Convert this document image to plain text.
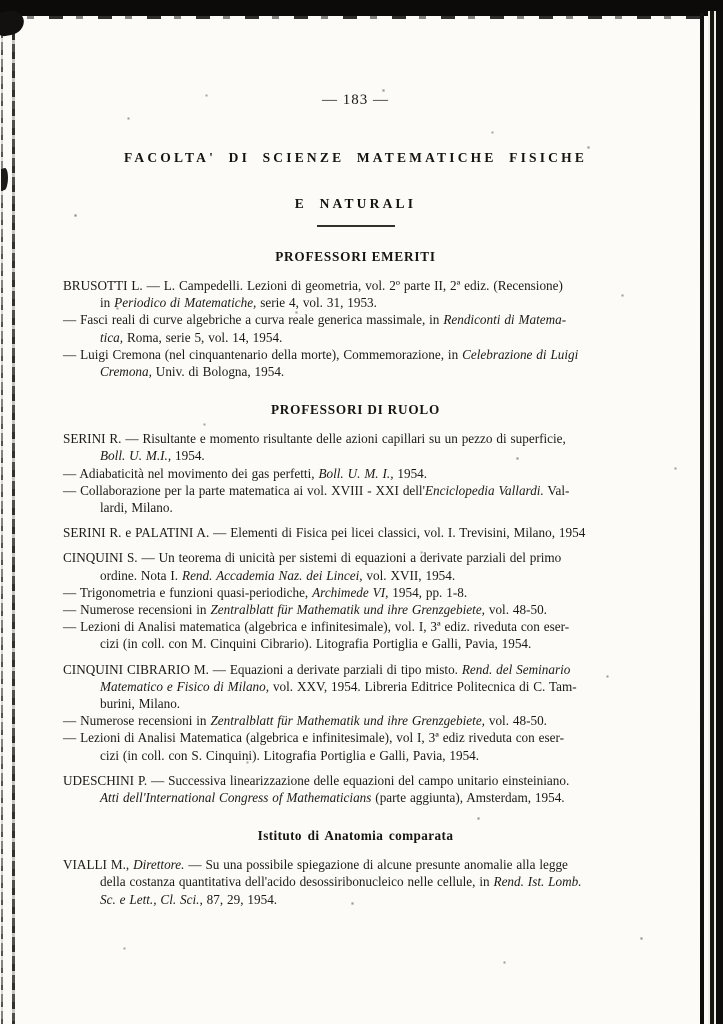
— 183 —
FACOLTA' DI SCIENZE MATEMATICHE FISICHE
E NATURALI
PROFESSORI EMERITI
BRUSOTTI L. — L. Campedelli. Lezioni di geometria, vol. 2º parte II, 2ª ediz. (Recensione)
in Periodico di Matematiche, serie 4, vol. 31, 1953.
— Fasci reali di curve algebriche a curva reale generica massimale, in Rendiconti di Matema-
tica, Roma, serie 5, vol. 14, 1954.
— Luigi Cremona (nel cinquantenario della morte), Commemorazione, in Celebrazione di Luigi
Cremona, Univ. di Bologna, 1954.
PROFESSORI DI RUOLO
SERINI R. — Risultante e momento risultante delle azioni capillari su un pezzo di superficie,
Boll. U. M.I., 1954.
— Adiabaticità nel movimento dei gas perfetti, Boll. U. M. I., 1954.
— Collaborazione per la parte matematica ai vol. XVIII - XXI dell'Enciclopedia Vallardi. Val-
lardi, Milano.
SERINI R. e PALATINI A. — Elementi di Fisica pei licei classici, vol. I. Trevisini, Milano, 1954
CINQUINI S. — Un teorema di unicità per sistemi di equazioni a derivate parziali del primo
ordine. Nota I. Rend. Accademia Naz. dei Lincei, vol. XVII, 1954.
— Trigonometria e funzioni quasi-periodiche, Archimede VI, 1954, pp. 1-8.
— Numerose recensioni in Zentralblatt für Mathematik und ihre Grenzgebiete, vol. 48-50.
— Lezioni di Analisi matematica (algebrica e infinitesimale), vol. I, 3ª ediz. riveduta con eser-
cizi (in coll. con M. Cinquini Cibrario). Litografia Portiglia e Galli, Pavia, 1954.
CINQUINI CIBRARIO M. — Equazioni a derivate parziali di tipo misto. Rend. del Seminario
Matematico e Fisico di Milano, vol. XXV, 1954. Libreria Editrice Politecnica di C. Tam-
burini, Milano.
— Numerose recensioni in Zentralblatt für Mathematik und ihre Grenzgebiete, vol. 48-50.
— Lezioni di Analisi Matematica (algebrica e infinitesimale), vol I, 3ª ediz riveduta con eser-
cizi (in coll. con S. Cinquini). Litografia Portiglia e Galli, Pavia, 1954.
UDESCHINI P. — Successiva linearizzazione delle equazioni del campo unitario einsteiniano.
Atti dell'International Congress of Mathematicians (parte aggiunta), Amsterdam, 1954.
Istituto di Anatomia comparata
VIALLI M., Direttore. — Su una possibile spiegazione di alcune presunte anomalie alla legge
della costanza quantitativa dell'acido desossiribonucleico nelle cellule, in Rend. Ist. Lomb.
Sc. e Lett., Cl. Sci., 87, 29, 1954.
